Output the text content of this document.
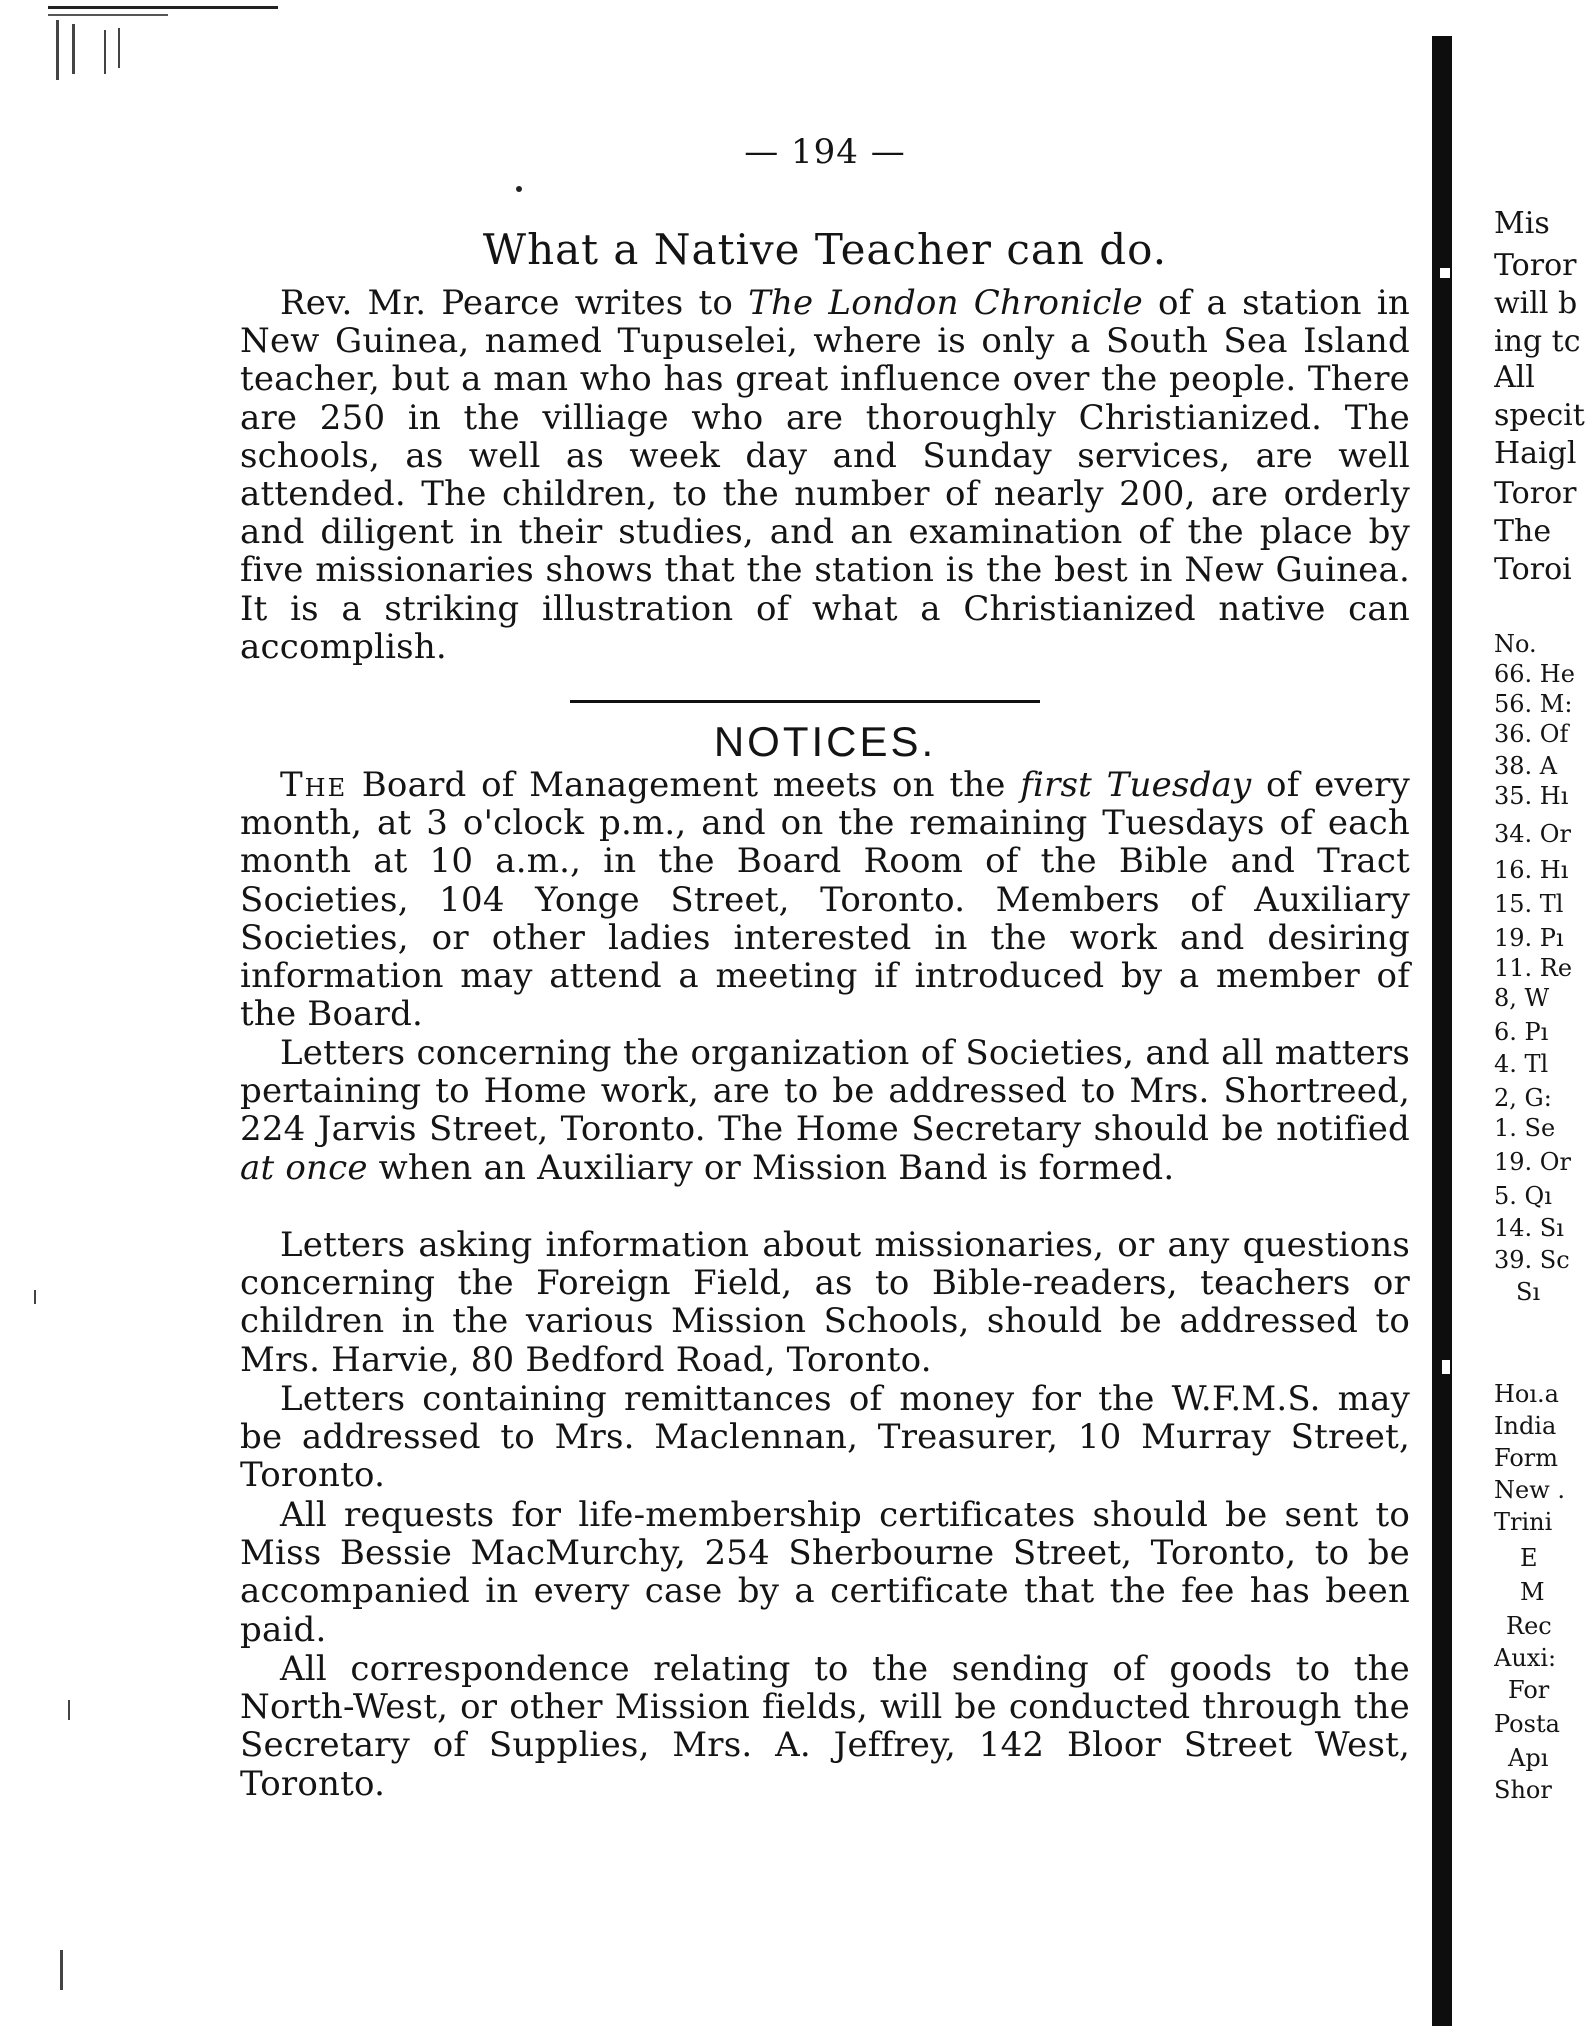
— 194 —
What a Native Teacher can do.

Rev. Mr. Pearce writes to The London Chronicle of a station in New Guinea, named Tupuselei, where is only a South Sea Island teacher, but a man who has great influence over the people. There are 250 in the villiage who are thoroughly Christianized. The schools, as well as week day and Sunday services, are well attended. The children, to the number of nearly 200, are orderly and diligent in their studies, and an examination of the place by five missionaries shows that the station is the best in New Guinea. It is a striking illustration of what a Christianized native can accomplish.

NOTICES.

The Board of Management meets on the first Tuesday of every month, at 3 o'clock p.m., and on the remaining Tuesdays of each month at 10 a.m., in the Board Room of the Bible and Tract Societies, 104 Yonge Street, Toronto. Members of Auxiliary Societies, or other ladies interested in the work and desiring information may attend a meeting if introduced by a member of the Board.

Letters concerning the organization of Societies, and all matters pertaining to Home work, are to be addressed to Mrs. Shortreed, 224 Jarvis Street, Toronto. The Home Secretary should be notified at once when an Auxiliary or Mission Band is formed.

Letters asking information about missionaries, or any questions concerning the Foreign Field, as to Bible-readers, teachers or children in the various Mission Schools, should be addressed to Mrs. Harvie, 80 Bedford Road, Toronto.

Letters containing remittances of money for the W.F.M.S. may be addressed to Mrs. Maclennan, Treasurer, 10 Murray Street, Toronto.

All requests for life-membership certificates should be sent to Miss Bessie MacMurchy, 254 Sherbourne Street, Toronto, to be accompanied in every case by a certificate that the fee has been paid.

All correspondence relating to the sending of goods to the North-West, or other Mission fields, will be conducted through the Secretary of Supplies, Mrs. A. Jeffrey, 142 Bloor Street West, Toronto.

Mis
Toror
will b
ing tc
All
specit
Haigl
Toror
The
Toroi
No.
66. He
56. M:
36. Of
38. A
35. Hı
34. Or
16. Hı
15. Tl
19. Pı
11. Re
8, W
6. Pı
4. Tl
2, G:
1. Se
19. Or
5. Qı
14. Sı
39. Sc
Sı
Hoı.a
India
Form
New .
Trini
E
M
Rec
Auxi:
For
Posta
Apı
Shor
